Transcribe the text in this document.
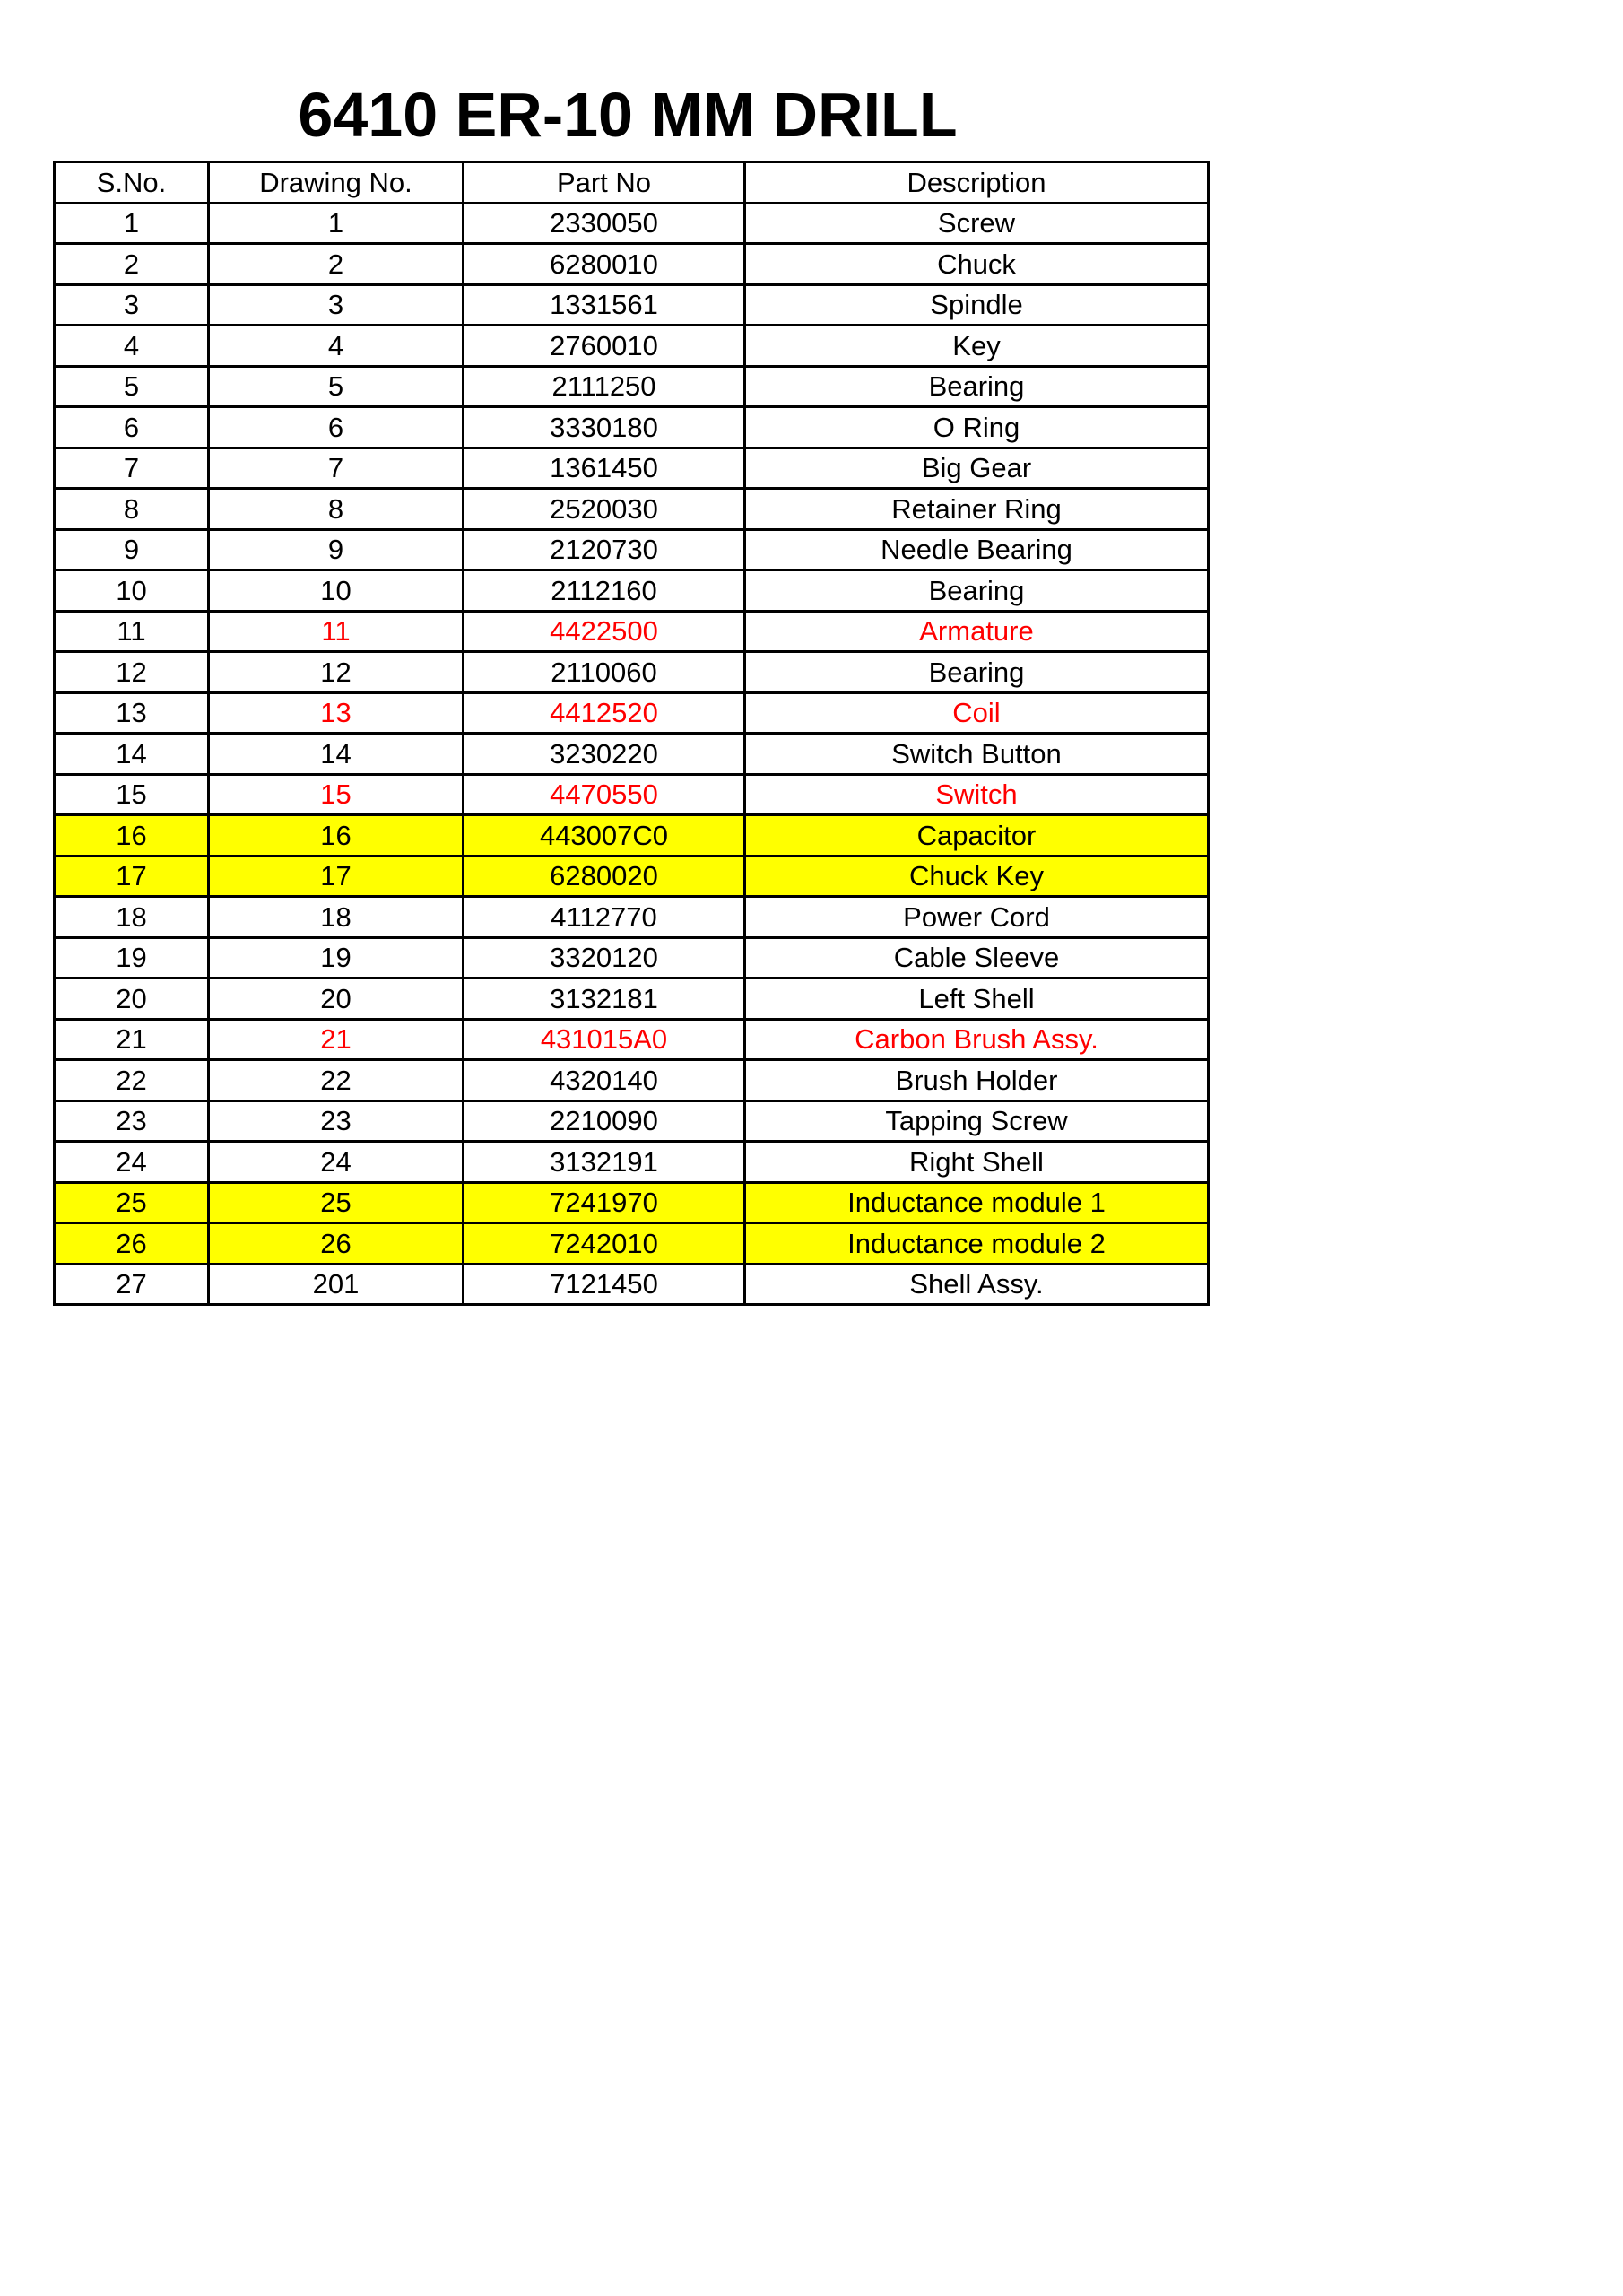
6410 ER-10 MM DRILL
S.No.	Drawing No.	Part No	Description
1	1	2330050	Screw
2	2	6280010	Chuck
3	3	1331561	Spindle
4	4	2760010	Key
5	5	2111250	Bearing
6	6	3330180	O Ring
7	7	1361450	Big Gear
8	8	2520030	Retainer Ring
9	9	2120730	Needle Bearing
10	10	2112160	Bearing
11	11	4422500	Armature
12	12	2110060	Bearing
13	13	4412520	Coil
14	14	3230220	Switch Button
15	15	4470550	Switch
16	16	443007C0	Capacitor
17	17	6280020	Chuck Key
18	18	4112770	Power Cord
19	19	3320120	Cable Sleeve
20	20	3132181	Left Shell
21	21	431015A0	Carbon Brush Assy.
22	22	4320140	Brush Holder
23	23	2210090	Tapping Screw
24	24	3132191	Right Shell
25	25	7241970	Inductance module 1
26	26	7242010	Inductance module 2
27	201	7121450	Shell Assy.
